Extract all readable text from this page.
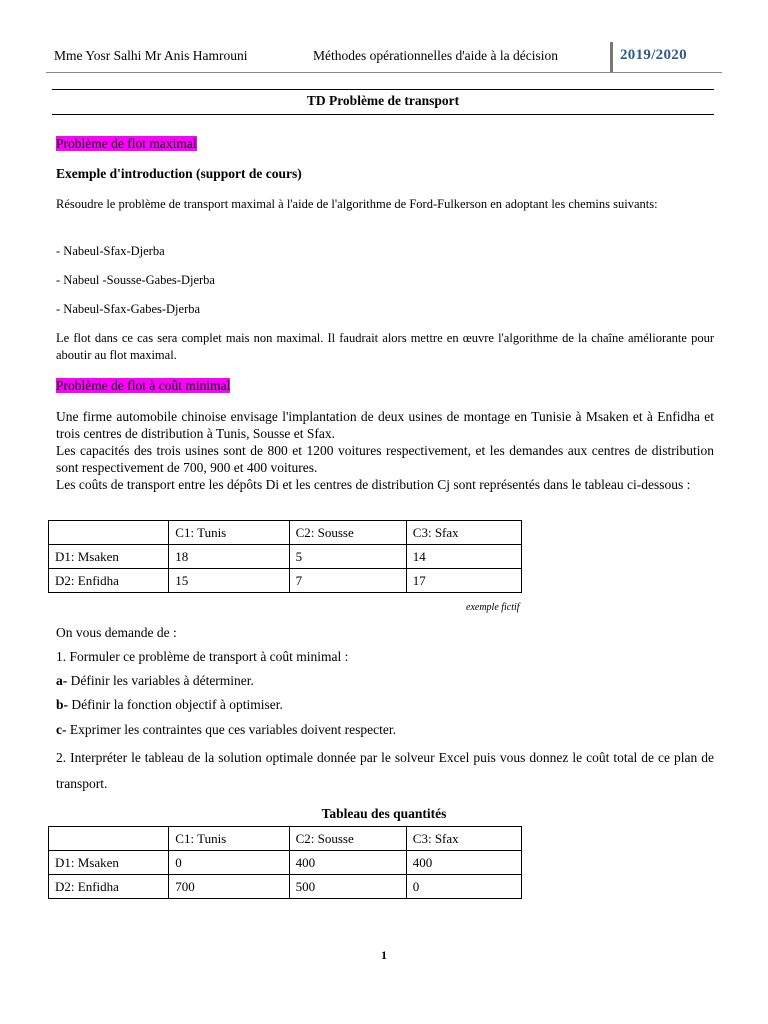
Mme Yosr Salhi Mr Anis Hamrouni	Méthodes opérationnelles d'aide à la décision	2019/2020
TD Problème de transport
Problème de flot maximal
Exemple d'introduction (support de cours)
Résoudre le problème de transport maximal à l'aide de l'algorithme de Ford-Fulkerson en adoptant les chemins suivants:
- Nabeul-Sfax-Djerba
- Nabeul -Sousse-Gabes-Djerba
- Nabeul-Sfax-Gabes-Djerba
Le flot dans ce cas sera complet mais non maximal. Il faudrait alors mettre en œuvre l'algorithme de la chaîne améliorante pour aboutir au flot maximal.
Problème de flot à coût minimal
Une firme automobile chinoise envisage l'implantation de deux usines de montage en Tunisie à Msaken et à Enfidha et trois centres de distribution à Tunis, Sousse et Sfax.
Les capacités des trois usines sont de 800 et 1200 voitures respectivement, et les demandes aux centres de distribution sont respectivement de 700, 900 et 400 voitures.
Les coûts de transport entre les dépôts Di et les centres de distribution Cj sont représentés dans le tableau ci-dessous :
	C1: Tunis	C2: Sousse	C3: Sfax
D1: Msaken	18	5	14
D2: Enfidha	15	7	17
exemple fictif
On vous demande de :
1. Formuler ce problème de transport à coût minimal :
a- Définir les variables à déterminer.
b- Définir la fonction objectif à optimiser.
c- Exprimer les contraintes que ces variables doivent respecter.
2. Interpréter le tableau de la solution optimale donnée par le solveur Excel puis vous donnez le coût total de ce plan de transport.
Tableau des quantités
	C1: Tunis	C2: Sousse	C3: Sfax
D1: Msaken	0	400	400
D2: Enfidha	700	500	0
1
